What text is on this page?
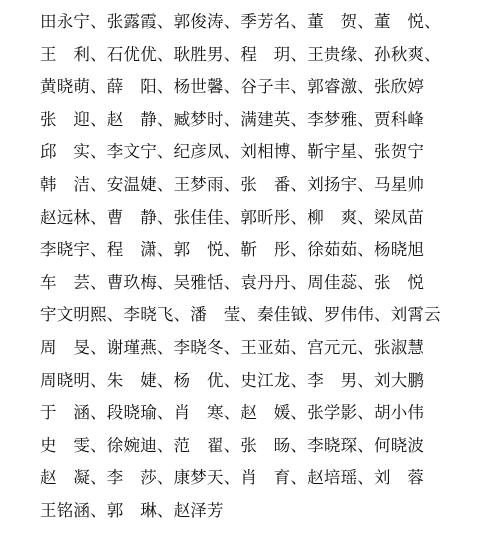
田永宁、张露霞、郭俊涛、季芳名、董　贺、董　悦、
王　利、石优优、耿胜男、程　玥、王贵缘、孙秋爽、
黄晓萌、薛　阳、杨世馨、谷子丰、郭睿激、张欣婷
张　迎、赵　静、臧梦时、满建英、李梦雅、贾科峰
邱　实、李文宁、纪彦凤、刘相博、靳宇星、张贺宁
韩　洁、安温婕、王梦雨、张　番、刘扬宇、马星帅
赵远林、曹　静、张佳佳、郭昕彤、柳　爽、梁凤苗
李晓宇、程　潇、郭　悦、靳　彤、徐茹茹、杨晓旭
车　芸、曹玖梅、吴雅恬、袁丹丹、周佳蕊、张　悦
宇文明熙、李晓飞、潘　莹、秦佳钺、罗伟伟、刘霄云
周　旻、谢瑾燕、李晓冬、王亚茹、宫元元、张淑慧
周晓明、朱　婕、杨　优、史江龙、李　男、刘大鹏
于　涵、段晓瑜、肖　寒、赵　媛、张学影、胡小伟
史　雯、徐婉迪、范　翟、张　旸、李晓琛、何晓波
赵　凝、李　莎、康梦天、肖　育、赵培瑶、刘　蓉
王铭涵、郭　琳、赵泽芳
